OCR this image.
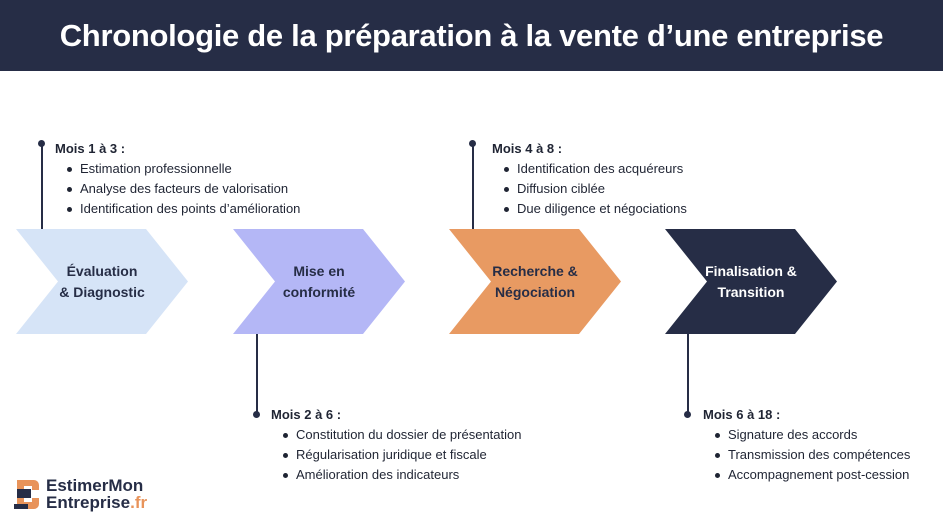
Chronologie de la préparation à la vente d’une entreprise
Évaluation
& Diagnostic
Mise en
conformité
Recherche &
Négociation
Finalisation &
Transition
Mois 1 à 3 :
Estimation professionnelle
Analyse des facteurs de valorisation
Identification des points d’amélioration
Mois 4 à 8 :
Identification des acquéreurs
Diffusion ciblée
Due diligence et négociations
Mois 2 à 6 :
Constitution du dossier de présentation
Régularisation juridique et fiscale
Amélioration des indicateurs
Mois 6 à 18 :
Signature des accords
Transmission des compétences
Accompagnement post-cession
EstimerMon
Entreprise.fr
